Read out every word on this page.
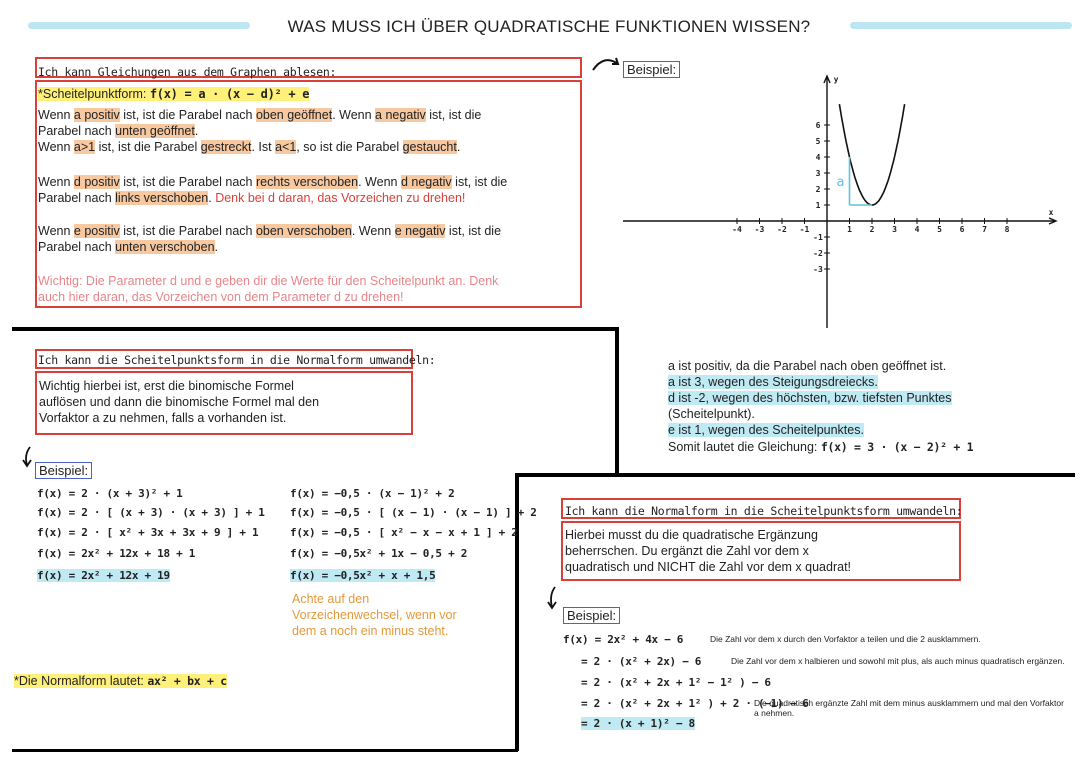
WAS MUSS ICH ÜBER QUADRATISCHE FUNKTIONEN WISSEN?
Ich kann Gleichungen aus dem Graphen ablesen:
*Scheitelpunktform: f(x) = a · (x − d)² + e
Wenn a positiv ist, ist die Parabel nach oben geöffnet. Wenn a negativ ist, ist die
Parabel nach unten geöffnet.
Wenn a>1 ist, ist die Parabel gestreckt. Ist a<1, so ist die Parabel gestaucht.
Wenn d positiv ist, ist die Parabel nach rechts verschoben. Wenn d negativ ist, ist die
Parabel nach links verschoben. Denk bei d daran, das Vorzeichen zu drehen!
Wenn e positiv ist, ist die Parabel nach oben verschoben. Wenn e negativ ist, ist die
Parabel nach unten verschoben.
Wichtig: Die Parameter d und e geben dir die Werte für den Scheitelpunkt an. Denk
auch hier daran, das Vorzeichen von dem Parameter d zu drehen!
Beispiel:
y
x
-4 -3 -2 -1	1 2 3 4 5 6 7 8
6
5
4
3
2
1
-1
-2
-3
a
a ist positiv, da die Parabel nach oben geöffnet ist.
a ist 3, wegen des Steigungsdreiecks.
d ist -2, wegen des höchsten, bzw. tiefsten Punktes
(Scheitelpunkt).
e ist 1, wegen des Scheitelpunktes.
Somit lautet die Gleichung: f(x) = 3 · (x − 2)² + 1
Ich kann die Scheitelpunktsform in die Normalform umwandeln:
Wichtig hierbei ist, erst die binomische Formel
auflösen und dann die binomische Formel mal den
Vorfaktor a zu nehmen, falls a vorhanden ist.
Beispiel:
f(x) = 2 · (x + 3)² + 1
f(x) = 2 · [ (x + 3) · (x + 3) ] + 1
f(x) = 2 · [ x² + 3x + 3x + 9 ] + 1
f(x) = 2x² + 12x + 18 + 1
f(x) = 2x² + 12x + 19
f(x) = −0,5 · (x − 1)² + 2
f(x) = −0,5 · [ (x − 1) · (x − 1) ] + 2
f(x) = −0,5 · [ x² − x − x + 1 ] + 2
f(x) = −0,5x² + 1x − 0,5 + 2
f(x) = −0,5x² + x + 1,5
Achte auf den
Vorzeichenwechsel, wenn vor
dem a noch ein minus steht.
*Die Normalform lautet: ax² + bx + c
Ich kann die Normalform in die Scheitelpunktsform umwandeln:
Hierbei musst du die quadratische Ergänzung
beherrschen. Du ergänzt die Zahl vor dem x
quadratisch und NICHT die Zahl vor dem x quadrat!
Beispiel:
f(x) = 2x² + 4x − 6
= 2 · (x² + 2x) − 6
= 2 · (x² + 2x + 1² − 1² ) − 6
= 2 · (x² + 2x + 1² ) + 2 · (−1) − 6
= 2 · (x + 1)² − 8
Die Zahl vor dem x durch den Vorfaktor a teilen und die 2 ausklammern.
Die Zahl vor dem x halbieren und sowohl mit plus, als auch minus quadratisch ergänzen.
Die quadratisch ergänzte Zahl mit dem minus ausklammern und mal den Vorfaktor a nehmen.
